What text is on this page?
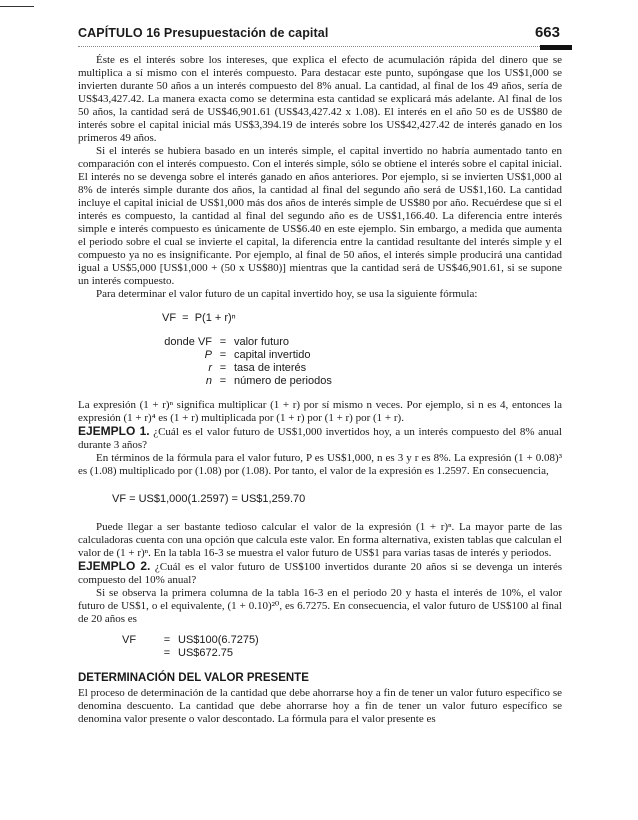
CAPÍTULO 16 Presupuestación de capital	663

Éste es el interés sobre los intereses, que explica el efecto de acumulación rápida del dinero que se multiplica a sí mismo con el interés compuesto. Para destacar este punto, supóngase que los US$1,000 se invierten durante 50 años a un interés compuesto del 8% anual. La cantidad, al final de los 49 años, sería de US$43,427.42. La manera exacta como se determina esta cantidad se explicará más adelante. Al final de los 50 años, la cantidad será de US$46,901.61 (US$43,427.42 x 1.08). El interés en el año 50 es de US$80 de interés sobre el capital inicial más US$3,394.19 de interés sobre los US$42,427.42 de interés ganado en los primeros 49 años.

Si el interés se hubiera basado en un interés simple, el capital invertido no habría aumentado tanto en comparación con el interés compuesto. Con el interés simple, sólo se obtiene el interés sobre el capital inicial. El interés no se devenga sobre el interés ganado en años anteriores. Por ejemplo, si se invierten US$1,000 al 8% de interés simple durante dos años, la cantidad al final del segundo año será de US$1,160. La cantidad incluye el capital inicial de US$1,000 más dos años de interés simple de US$80 por año. Recuérdese que si el interés es compuesto, la cantidad al final del segundo año es de US$1,166.40. La diferencia entre interés simple e interés compuesto es únicamente de US$6.40 en este ejemplo. Sin embargo, a medida que aumenta el periodo sobre el cual se invierte el capital, la diferencia entre la cantidad resultante del interés simple y el compuesto ya no es insignificante. Por ejemplo, al final de 50 años, el interés simple producirá una cantidad igual a US$5,000 [US$1,000 + (50 x US$80)] mientras que la cantidad será de US$46,901.61, si se supone un interés compuesto.

Para determinar el valor futuro de un capital invertido hoy, se usa la siguiente fórmula:

VF  =  P(1 + r)ⁿ
donde VF = valor futuro
P = capital invertido
r = tasa de interés
n = número de periodos

La expresión (1 + r)ⁿ significa multiplicar (1 + r) por sí mismo n veces. Por ejemplo, si n es 4, entonces la expresión (1 + r)⁴ es (1 + r) multiplicada por (1 + r) por (1 + r) por (1 + r).

EJEMPLO 1. ¿Cuál es el valor futuro de US$1,000 invertidos hoy, a un interés compuesto del 8% anual durante 3 años?

En términos de la fórmula para el valor futuro, P es US$1,000, n es 3 y r es 8%. La expresión (1 + 0.08)³ es (1.08) multiplicado por (1.08) por (1.08). Por tanto, el valor de la expresión es 1.2597. En consecuencia,

VF = US$1,000(1.2597) = US$1,259.70

Puede llegar a ser bastante tedioso calcular el valor de la expresión (1 + r)ⁿ. La mayor parte de las calculadoras cuenta con una opción que calcula este valor. En forma alternativa, existen tablas que calculan el valor de (1 + r)ⁿ. En la tabla 16-3 se muestra el valor futuro de US$1 para varias tasas de interés y periodos.

EJEMPLO 2. ¿Cuál es el valor futuro de US$100 invertidos durante 20 años si se devenga un interés compuesto del 10% anual?

Si se observa la primera columna de la tabla 16-3 en el periodo 20 y hasta el interés de 10%, el valor futuro de US$1, o el equivalente, (1 + 0.10)²⁰, es 6.7275. En consecuencia, el valor futuro de US$100 al final de 20 años es

VF	= US$100(6.7275)
= US$672.75
DETERMINACIÓN DEL VALOR PRESENTE

El proceso de determinación de la cantidad que debe ahorrarse hoy a fin de tener un valor futuro específico se denomina descuento. La cantidad que debe ahorrarse hoy a fin de tener un valor futuro específico se denomina valor presente o valor descontado. La fórmula para el valor presente es
